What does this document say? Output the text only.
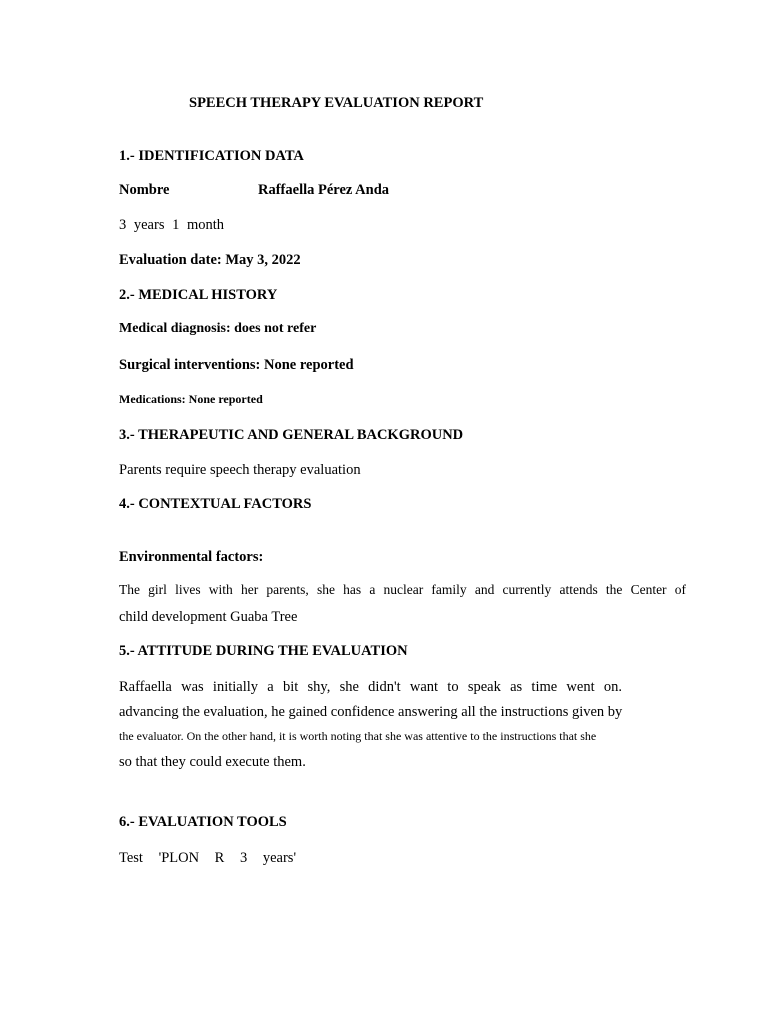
SPEECH THERAPY EVALUATION REPORT
1.- IDENTIFICATION DATA
Nombre	Raffaella Pérez Anda
3 years 1 month
Evaluation date: May 3, 2022
2.- MEDICAL HISTORY
Medical diagnosis: does not refer
Surgical interventions: None reported
Medications: None reported
3.- THERAPEUTIC AND GENERAL BACKGROUND
Parents require speech therapy evaluation
4.- CONTEXTUAL FACTORS
Environmental factors:
The girl lives with her parents, she has a nuclear family and currently attends the Center of
child development Guaba Tree
5.- ATTITUDE DURING THE EVALUATION
Raffaella was initially a bit shy, she didn't want to speak as time went on.
advancing the evaluation, he gained confidence answering all the instructions given by
the evaluator. On the other hand, it is worth noting that she was attentive to the instructions that she
so that they could execute them.
6.- EVALUATION TOOLS
Test 'PLON R 3 years'
